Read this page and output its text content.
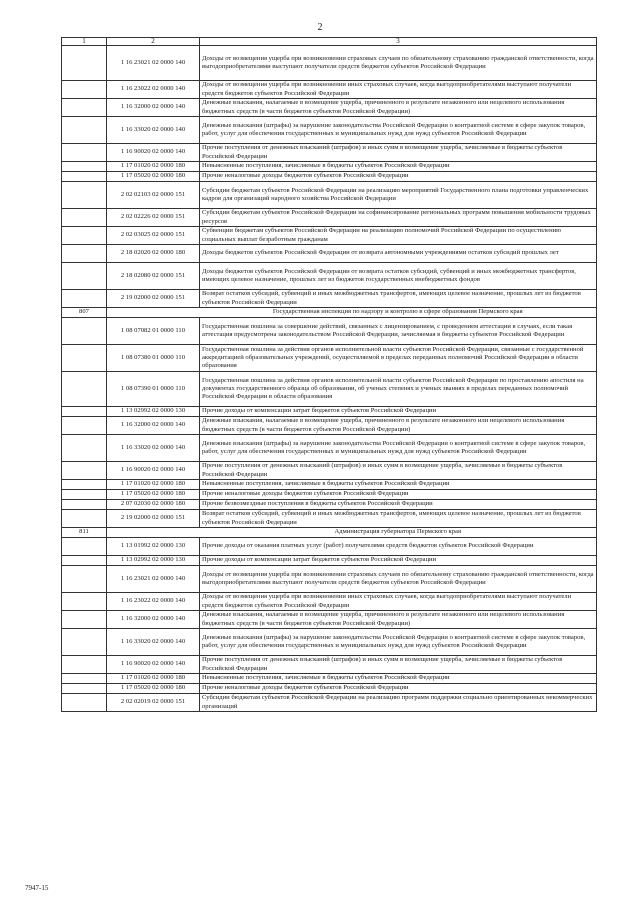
2
1	2	3
	1 16 23021 02 0000 140	Доходы от возмещения ущерба при возникновении страховых случаев по обязательному страхованию гражданской ответственности, когда выгодоприобретателями выступают получатели средств бюджетов субъектов Российской Федерации
	1 16 23022 02 0000 140	Доходы от возмещения ущерба при возникновении иных страховых случаев, когда выгодоприобретателями выступают получатели средств бюджетов субъектов Российской Федерации
	1 16 32000 02 0000 140	Денежные взыскания, налагаемые в возмещение ущерба, причиненного в результате незаконного или нецелевого использования бюджетных средств (в части бюджетов субъектов Российской Федерации)
	1 16 33020 02 0000 140	Денежные взыскания (штрафы) за нарушение законодательства Российской Федерации о контрактной системе в сфере закупок товаров, работ, услуг для обеспечения государственных и муниципальных нужд для нужд субъектов Российской Федерации
	1 16 90020 02 0000 140	Прочие поступления от денежных взысканий (штрафов) и иных сумм в возмещение ущерба, зачисляемые в бюджеты субъектов Российской Федерации
	1 17 01020 02 0000 180	Невыясненные поступления, зачисляемые в бюджеты субъектов Российской Федерации
	1 17 05020 02 0000 180	Прочие неналоговые доходы бюджетов субъектов Российской Федерации
	2 02 02103 02 0000 151	Субсидии бюджетам субъектов Российской Федерации на реализацию мероприятий Государственного плана подготовки управленческих кадров для организаций народного хозяйства Российской Федерации
	2 02 02226 02 0000 151	Субсидии бюджетам субъектов Российской Федерации на софинансирование региональных программ повышения мобильности трудовых ресурсов
	2 02 03025 02 0000 151	Субвенции бюджетам субъектов Российской Федерации на реализацию полномочий Российской Федерации по осуществлению социальных выплат безработным гражданам
	2 18 02020 02 0000 180	Доходы бюджетов субъектов Российской Федерации от возврата автономными учреждениями остатков субсидий прошлых лет
	2 18 02080 02 0000 151	Доходы бюджетов субъектов Российской Федерации от возврата остатков субсидий, субвенций и иных межбюджетных трансфертов, имеющих целевое назначение, прошлых лет из бюджетов государственных внебюджетных фондов
	2 19 02000 02 0000 151	Возврат остатков субсидий, субвенций и иных межбюджетных трансфертов, имеющих целевое назначение, прошлых лет из бюджетов субъектов Российской Федерации
807		Государственная инспекция по надзору и контролю в сфере образования Пермского края
	1 08 07082 01 0000 110	Государственная пошлина за совершение действий, связанных с лицензированием, с проведением аттестации в случаях, если такая аттестация предусмотрена законодательством Российской Федерации, зачисляемая в бюджеты субъектов Российской Федерации
	1 08 07380 01 0000 110	Государственная пошлина за действия органов исполнительной власти субъектов Российской Федерации, связанные с государственной аккредитацией образовательных учреждений, осуществляемой в пределах переданных полномочий Российской Федерации в области образования
	1 08 07390 01 0000 110	Государственная пошлина за действия органов исполнительной власти субъектов Российской Федерации по проставлению апостиля на документах государственного образца об образовании, об ученых степенях и ученых званиях в пределах переданных полномочий Российской Федерации в области образования
	1 13 02992 02 0000 130	Прочие доходы от компенсации затрат бюджетов субъектов Российской Федерации
	1 16 32000 02 0000 140	Денежные взыскания, налагаемые в возмещение ущерба, причиненного в результате незаконного или нецелевого использования бюджетных средств (в части бюджетов субъектов Российской Федерации)
	1 16 33020 02 0000 140	Денежные взыскания (штрафы) за нарушение законодательства Российской Федерации о контрактной системе в сфере закупок товаров, работ, услуг для обеспечения государственных и муниципальных нужд для нужд субъектов Российской Федерации
	1 16 90020 02 0000 140	Прочие поступления от денежных взысканий (штрафов) и иных сумм в возмещение ущерба, зачисляемые в бюджеты субъектов Российской Федерации
	1 17 01020 02 0000 180	Невыясненные поступления, зачисляемые в бюджеты субъектов Российской Федерации
	1 17 05020 02 0000 180	Прочие неналоговые доходы бюджетов субъектов Российской Федерации
	2 07 02030 02 0000 180	Прочие безвозмездные поступления в бюджеты субъектов Российской Федерации
	2 19 02000 02 0000 151	Возврат остатков субсидий, субвенций и иных межбюджетных трансфертов, имеющих целевое назначение, прошлых лет из бюджетов субъектов Российской Федерации
811		Администрация губернатора Пермского края
	1 13 01992 02 0000 130	Прочие доходы от оказания платных услуг (работ) получателями средств бюджетов субъектов Российской Федерации
	1 13 02992 02 0000 130	Прочие доходы от компенсации затрат бюджетов субъектов Российской Федерации
	1 16 23021 02 0000 140	Доходы от возмещения ущерба при возникновении страховых случаев по обязательному страхованию гражданской ответственности, когда выгодоприобретателями выступают получатели средств бюджетов субъектов Российской Федерации
	1 16 23022 02 0000 140	Доходы от возмещения ущерба при возникновении иных страховых случаев, когда выгодоприобретателями выступают получатели средств бюджетов субъектов Российской Федерации
	1 16 32000 02 0000 140	Денежные взыскания, налагаемые в возмещение ущерба, причиненного в результате незаконного или нецелевого использования бюджетных средств (в части бюджетов субъектов Российской Федерации)
	1 16 33020 02 0000 140	Денежные взыскания (штрафы) за нарушение законодательства Российской Федерации о контрактной системе в сфере закупок товаров, работ, услуг для обеспечения государственных и муниципальных нужд для нужд субъектов Российской Федерации
	1 16 90020 02 0000 140	Прочие поступления от денежных взысканий (штрафов) и иных сумм в возмещение ущерба, зачисляемые в бюджеты субъектов Российской Федерации
	1 17 01020 02 0000 180	Невыясненные поступления, зачисляемые в бюджеты субъектов Российской Федерации
	1 17 05020 02 0000 180	Прочие неналоговые доходы бюджетов субъектов Российской Федерации
	2 02 02019 02 0000 151	Субсидии бюджетам субъектов Российской Федерации на реализацию программ поддержки социально ориентированных некоммерческих организаций
7947-15
